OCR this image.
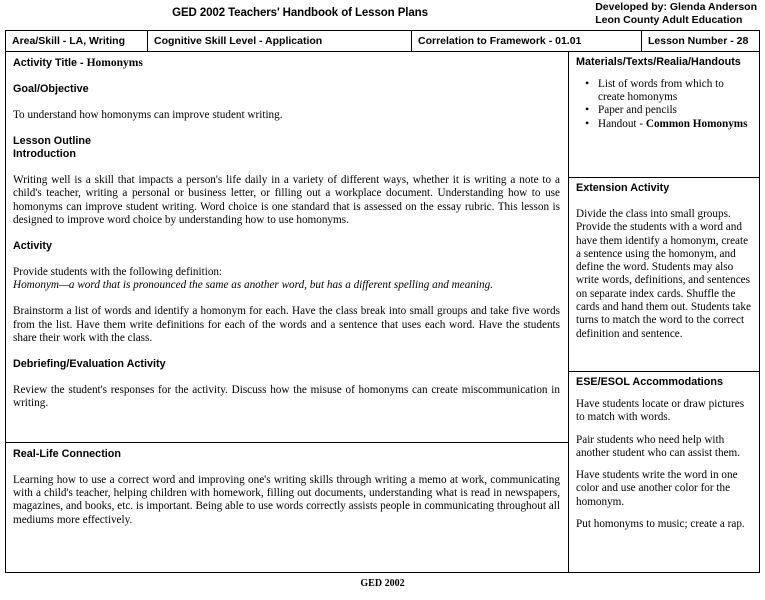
GED 2002 Teachers' Handbook of Lesson Plans	Developed by: Glenda Anderson
Leon County Adult Education
Area/Skill - LA, Writing	Cognitive Skill Level - Application	Correlation to Framework - 01.01	Lesson Number - 28

Activity Title - Homonyms

Goal/Objective

To understand how homonyms can improve student writing.

Lesson Outline

Introduction

Writing well is a skill that impacts a person's life daily in a variety of different ways, whether it is writing a note to a child's teacher, writing a personal or business letter, or filling out a workplace document. Understanding how to use homonyms can improve student writing. Word choice is one standard that is assessed on the essay rubric. This lesson is designed to improve word choice by understanding how to use homonyms.

Activity

Provide students with the following definition:

Homonym—a word that is pronounced the same as another word, but has a different spelling and meaning.

Brainstorm a list of words and identify a homonym for each. Have the class break into small groups and take five words from the list. Have them write definitions for each of the words and a sentence that uses each word. Have the students share their work with the class.

Debriefing/Evaluation Activity

Review the student's responses for the activity. Discuss how the misuse of homonyms can create miscommunication in writing.

Real-Life Connection

Learning how to use a correct word and improving one's writing skills through writing a memo at work, communicating with a child's teacher, helping children with homework, filling out documents, understanding what is read in newspapers, magazines, and books, etc. is important. Being able to use words correctly assists people in communicating throughout all mediums more effectively.

Materials/Texts/Realia/Handouts

• List of words from which to create homonyms
• Paper and pencils
• Handout - Common Homonyms

Extension Activity

Divide the class into small groups. Provide the students with a word and have them identify a homonym, create a sentence using the homonym, and define the word. Students may also write words, definitions, and sentences on separate index cards. Shuffle the cards and hand them out. Students take turns to match the word to the correct definition and sentence.

ESE/ESOL Accommodations

Have students locate or draw pictures to match with words.

Pair students who need help with another student who can assist them.

Have students write the word in one color and use another color for the homonym.

Put homonyms to music; create a rap.

GED 2002
